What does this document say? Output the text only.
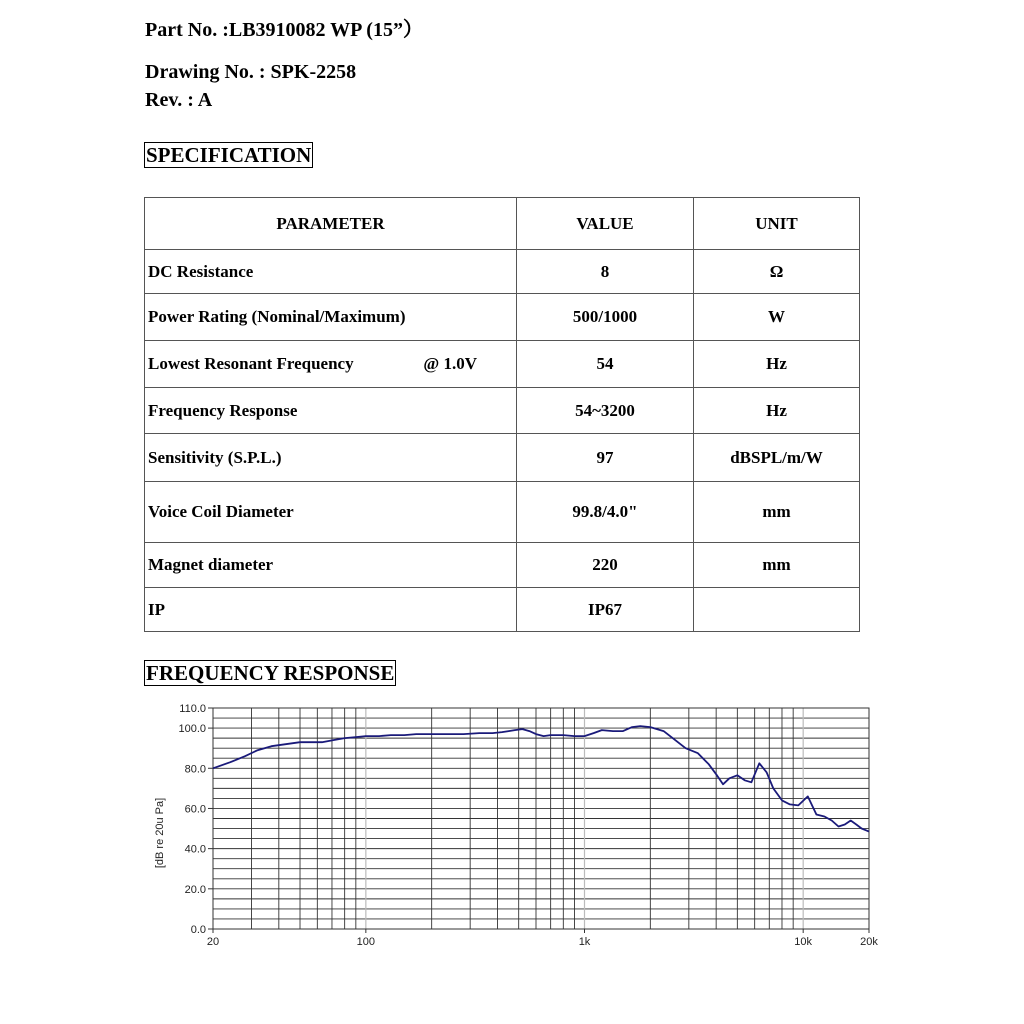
Part No. :LB3910082 WP (15”）
Drawing No. : SPK-2258
Rev. : A
SPECIFICATION
PARAMETER	VALUE	UNIT
DC Resistance	8	Ω
Power Rating (Nominal/Maximum)	500/1000	W

Lowest Resonant Frequency @ 1.0V	54	Hz
Frequency Response	54~3200	Hz
Sensitivity (S.P.L.)	97	dBSPL/m/W
Voice Coil Diameter	99.8/4.0"	mm
Magnet diameter	220	mm
IP	IP67	
FREQUENCY RESPONSE
0.0
20.0
40.0
60.0
80.0
100.0
110.0
20	100	1k	10k	20k
[dB re 20u Pa]
